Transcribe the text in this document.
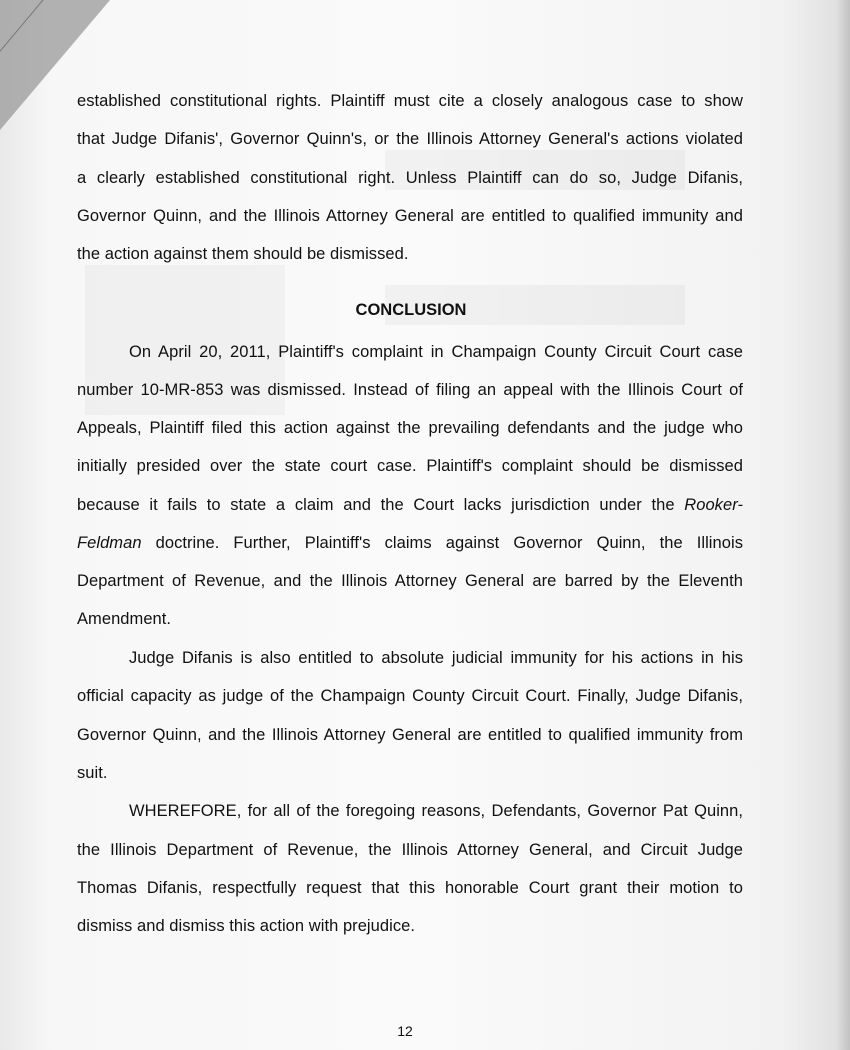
established constitutional rights. Plaintiff must cite a closely analogous case to show
that Judge Difanis', Governor Quinn's, or the Illinois Attorney General's actions violated
a clearly established constitutional right. Unless Plaintiff can do so, Judge Difanis,
Governor Quinn, and the Illinois Attorney General are entitled to qualified immunity and
the action against them should be dismissed.
CONCLUSION
On April 20, 2011, Plaintiff's complaint in Champaign County Circuit Court case
number 10-MR-853 was dismissed. Instead of filing an appeal with the Illinois Court of
Appeals, Plaintiff filed this action against the prevailing defendants and the judge who
initially presided over the state court case. Plaintiff's complaint should be dismissed
because it fails to state a claim and the Court lacks jurisdiction under the Rooker-
Feldman doctrine. Further, Plaintiff's claims against Governor Quinn, the Illinois
Department of Revenue, and the Illinois Attorney General are barred by the Eleventh
Amendment.
Judge Difanis is also entitled to absolute judicial immunity for his actions in his
official capacity as judge of the Champaign County Circuit Court. Finally, Judge Difanis,
Governor Quinn, and the Illinois Attorney General are entitled to qualified immunity from
suit.
WHEREFORE, for all of the foregoing reasons, Defendants, Governor Pat Quinn,
the Illinois Department of Revenue, the Illinois Attorney General, and Circuit Judge
Thomas Difanis, respectfully request that this honorable Court grant their motion to
dismiss and dismiss this action with prejudice.
12
